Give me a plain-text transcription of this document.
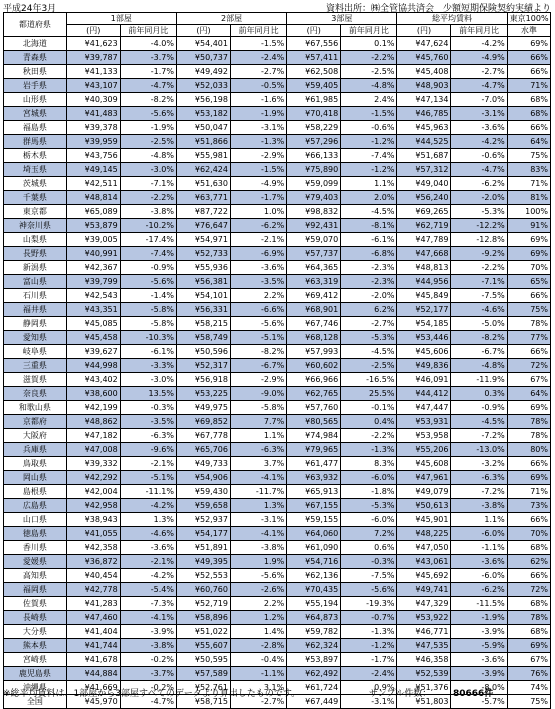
平成24年3月	資料出所：㈱全管協共済会　少額短期保険契約実績より
都道府県	1部屋		2部屋		3部屋		総平均賃料		東京100%
	(円)	前年同月比	(円)	前年同月比	(円)	前年同月比	(円)	前年同月比	水準
北海道	¥41,623	-4.0%	¥54,401	-1.5%	¥67,556	0.1%	¥47,624	-4.2%	69%
青森県	¥39,787	-3.7%	¥50,737	-2.4%	¥57,411	-2.2%	¥45,760	-4.9%	66%
秋田県	¥41,133	-1.7%	¥49,492	-2.7%	¥62,508	-2.5%	¥45,408	-2.7%	66%
岩手県	¥43,107	-4.7%	¥52,033	-0.5%	¥59,405	-4.8%	¥48,903	-4.7%	71%
山形県	¥40,309	-8.2%	¥56,198	-1.6%	¥61,985	2.4%	¥47,134	-7.0%	68%
宮城県	¥41,483	-5.6%	¥53,182	-1.9%	¥70,418	-1.5%	¥46,785	-3.1%	68%
福島県	¥39,378	-1.9%	¥50,047	-3.1%	¥58,229	-0.6%	¥45,963	-3.6%	66%
群馬県	¥39,959	-2.5%	¥51,866	-1.3%	¥57,296	-1.2%	¥44,525	-4.2%	64%
栃木県	¥43,756	-4.8%	¥55,981	-2.9%	¥66,133	-7.4%	¥51,687	-0.6%	75%
埼玉県	¥49,145	-3.0%	¥62,424	-1.5%	¥75,890	-1.2%	¥57,312	-4.7%	83%
茨城県	¥42,511	-7.1%	¥51,630	-4.9%	¥59,099	1.1%	¥49,040	-6.2%	71%
千葉県	¥48,814	-2.2%	¥63,771	-1.7%	¥79,403	2.0%	¥56,240	-2.0%	81%
東京都	¥65,089	-3.8%	¥87,722	1.0%	¥98,832	-4.5%	¥69,265	-5.3%	100%
神奈川県	¥53,879	-10.2%	¥76,647	-6.2%	¥92,431	-8.1%	¥62,719	-12.2%	91%
山梨県	¥39,005	-17.4%	¥54,971	-2.1%	¥59,070	-6.1%	¥47,789	-12.8%	69%
長野県	¥40,991	-7.4%	¥52,733	-6.9%	¥57,737	-6.8%	¥47,668	-9.2%	69%
新潟県	¥42,367	-0.9%	¥55,936	-3.6%	¥64,365	-2.3%	¥48,813	-2.2%	70%
富山県	¥39,799	-5.6%	¥56,381	-3.5%	¥63,319	-2.3%	¥44,956	-7.1%	65%
石川県	¥42,543	-1.4%	¥54,101	2.2%	¥69,412	-2.0%	¥45,849	-7.5%	66%
福井県	¥43,351	-5.8%	¥56,331	-6.6%	¥68,901	6.2%	¥52,177	-4.6%	75%
静岡県	¥45,085	-5.8%	¥58,215	-5.6%	¥67,746	-2.7%	¥54,185	-5.0%	78%
愛知県	¥45,458	-10.3%	¥58,749	-5.1%	¥68,128	-5.3%	¥53,446	-8.2%	77%
岐阜県	¥39,627	-6.1%	¥50,596	-8.2%	¥57,993	-4.5%	¥45,606	-6.7%	66%
三重県	¥44,998	-3.3%	¥52,317	-6.7%	¥60,602	-2.5%	¥49,836	-4.8%	72%
滋賀県	¥43,402	-3.0%	¥56,918	-2.9%	¥66,966	-16.5%	¥46,091	-11.9%	67%
奈良県	¥38,600	13.5%	¥53,225	-9.0%	¥62,765	25.5%	¥44,412	0.3%	64%
和歌山県	¥42,199	-0.3%	¥49,975	-5.8%	¥57,760	-0.1%	¥47,447	-0.9%	69%
京都府	¥48,862	-3.5%	¥69,852	7.7%	¥80,565	0.4%	¥53,931	-4.5%	78%
大阪府	¥47,182	-6.3%	¥67,778	1.1%	¥74,984	-2.2%	¥53,958	-7.2%	78%
兵庫県	¥47,008	-9.6%	¥65,706	-6.3%	¥79,965	-1.3%	¥55,206	-13.0%	80%
鳥取県	¥39,332	-2.1%	¥49,733	3.7%	¥61,477	8.3%	¥45,608	-3.2%	66%
岡山県	¥42,292	-5.1%	¥54,906	-4.1%	¥63,932	-6.0%	¥47,961	-6.3%	69%
島根県	¥42,004	-11.1%	¥59,430	-11.7%	¥65,913	-1.8%	¥49,079	-7.2%	71%
広島県	¥42,958	-4.2%	¥59,658	1.3%	¥67,155	-5.3%	¥50,613	-3.8%	73%
山口県	¥38,943	1.3%	¥52,937	-3.1%	¥59,155	-6.0%	¥45,901	1.1%	66%
徳島県	¥41,055	-4.6%	¥54,177	-4.1%	¥64,060	7.2%	¥48,225	-6.0%	70%
香川県	¥42,358	-3.6%	¥51,891	-3.8%	¥61,090	0.6%	¥47,050	-1.1%	68%
愛媛県	¥36,872	-2.1%	¥49,395	1.9%	¥54,716	-0.3%	¥43,061	-3.6%	62%
高知県	¥40,454	-4.2%	¥52,553	-5.6%	¥62,136	-7.5%	¥45,692	-6.0%	66%
福岡県	¥42,778	-5.4%	¥60,760	-2.6%	¥70,435	-5.6%	¥49,741	-6.2%	72%
佐賀県	¥41,283	-7.3%	¥52,719	2.2%	¥55,194	-19.3%	¥47,329	-11.5%	68%
長崎県	¥47,460	-4.1%	¥58,896	1.2%	¥64,873	-0.7%	¥53,922	-1.9%	78%
大分県	¥41,404	-3.9%	¥51,022	1.4%	¥59,782	-1.3%	¥46,771	-3.9%	68%
熊本県	¥41,744	-3.8%	¥55,607	-2.8%	¥62,324	-1.2%	¥47,535	-5.9%	69%
宮崎県	¥41,678	-0.2%	¥50,595	-0.4%	¥53,897	-1.7%	¥46,358	-3.6%	67%
鹿児島県	¥44,884	-3.7%	¥57,589	-1.1%	¥62,492	-2.4%	¥52,539	-3.9%	76%
沖縄県	¥41,669	-0.2%	¥52,761	3.1%	¥61,724	0.9%	¥51,376	-8.0%	74%
全国	¥45,970	-4.7%	¥58,715	-2.7%	¥67,449	-3.1%	¥51,803	-5.7%	75%
※総平均賃料は、1部屋から3部屋すべてのデータより算出したものです。	サンプル件数： 80666件
